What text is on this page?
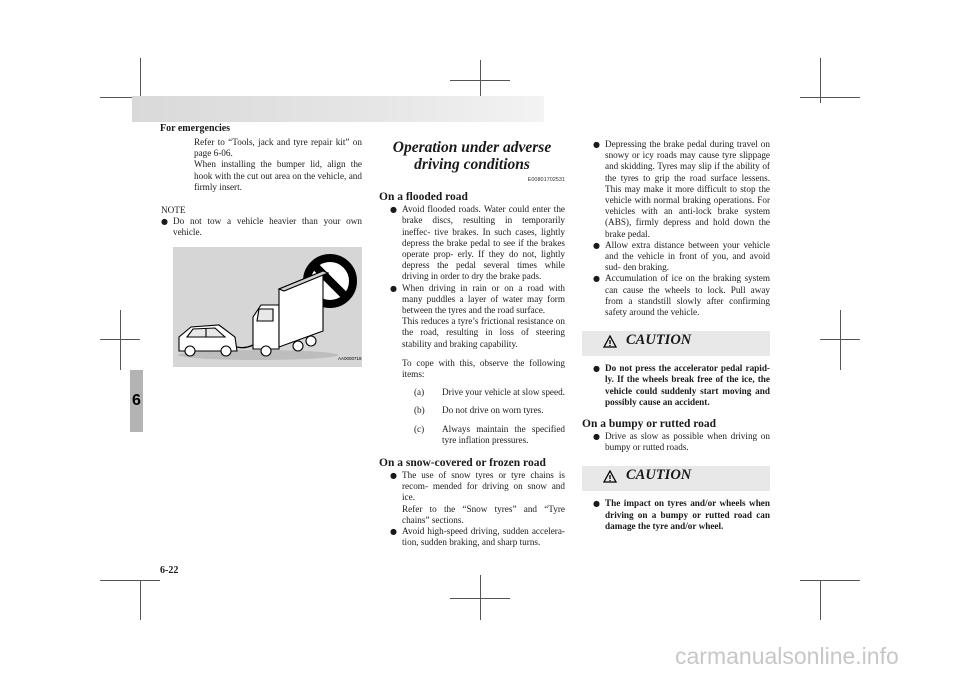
For emergencies
6
6-22

Refer to “Tools, jack and tyre repair kit” on page 6-06.

When installing the bumper lid, align the hook with the cut out area on the vehicle, and firmly insert.

NOTE

● Do not tow a vehicle heavier than your own vehicle.
AA0000718
Operation under adverse driving conditions
E00801702531
On a flooded road
● Avoid flooded roads. Water could enter the brake discs, resulting in temporarily ineffec- tive brakes. In such cases, lightly depress the brake pedal to see if the brakes operate prop- erly. If they do not, lightly depress the pedal several times while driving in order to dry the brake pads.
● When driving in rain or on a road with many puddles a layer of water may form between the tyres and the road surface.

This reduces a tyre’s frictional resistance on the road, resulting in loss of steering stability and braking capability.

To cope with this, observe the following items:

(a)	Drive your vehicle at slow speed.
(b)	Do not drive on worn tyres.
(c)	Always maintain the specified tyre inflation pressures.
On a snow-covered or frozen road
● The use of snow tyres or tyre chains is recom- mended for driving on snow and ice.

Refer to the “Snow tyres” and “Tyre chains” sections.

● Avoid high-speed driving, sudden accelera- tion, sudden braking, and sharp turns.
● Depressing the brake pedal during travel on snowy or icy roads may cause tyre slippage and skidding. Tyres may slip if the ability of the tyres to grip the road surface lessens. This may make it more difficult to stop the vehicle with normal braking operations. For vehicles with an anti-lock brake system (ABS), firmly depress and hold down the brake pedal.
● Allow extra distance between your vehicle and the vehicle in front of you, and avoid sud- den braking.
● Accumulation of ice on the braking system can cause the wheels to lock. Pull away from a standstill slowly after confirming safety around the vehicle.
CAUTION
● Do not press the accelerator pedal rapid- ly. If the wheels break free of the ice, the vehicle could suddenly start moving and possibly cause an accident.
On a bumpy or rutted road
● Drive as slow as possible when driving on bumpy or rutted roads.
CAUTION
● The impact on tyres and/or wheels when driving on a bumpy or rutted road can damage the tyre and/or wheel.
carmanualsonline.info
